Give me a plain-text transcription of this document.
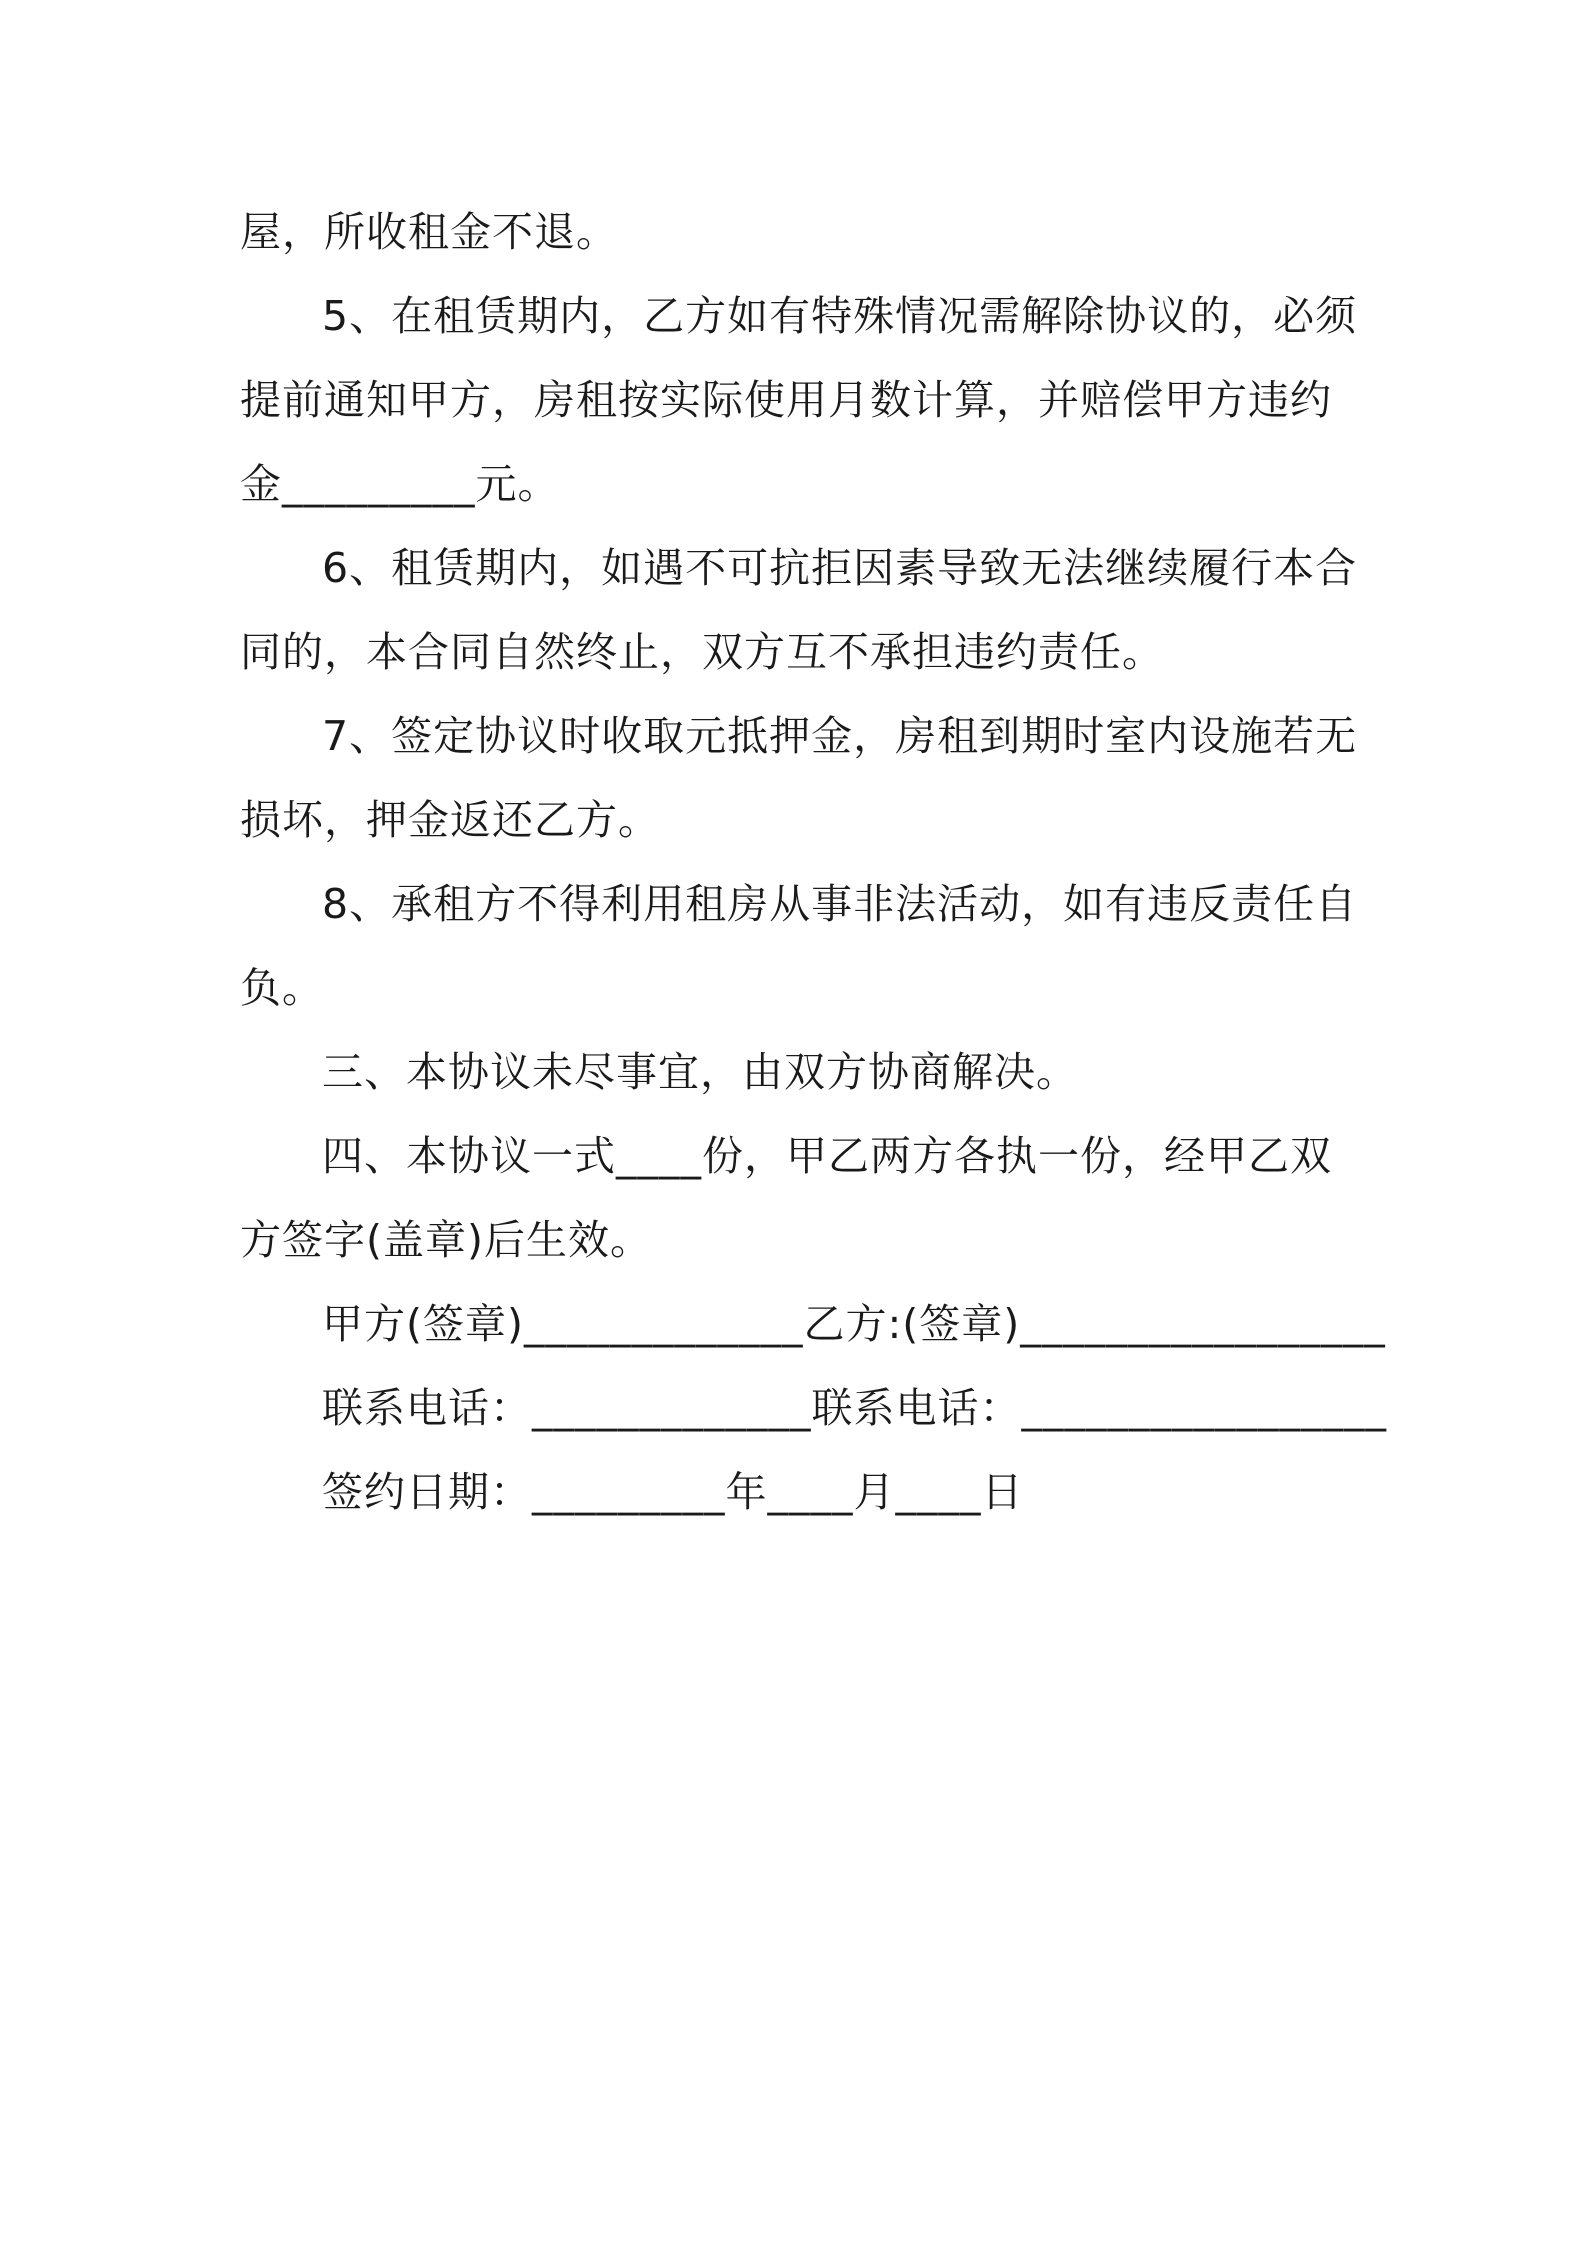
屋，所收租金不退。

5、在租赁期内，乙方如有特殊情况需解除协议的，必须提前通知甲方，房租按实际使用月数计算，并赔偿甲方违约金_________元。

6、租赁期内，如遇不可抗拒因素导致无法继续履行本合同的，本合同自然终止，双方互不承担违约责任。

7、签定协议时收取元抵押金，房租到期时室内设施若无损坏，押金返还乙方。

8、承租方不得利用租房从事非法活动，如有违反责任自负。

三、本协议未尽事宜，由双方协商解决。

四、本协议一式____份，甲乙两方各执一份，经甲乙双方签字(盖章)后生效。

甲方(签章)_____________乙方:(签章)_________________

联系电话：_____________联系电话：_________________

签约日期：_________年____月____日
